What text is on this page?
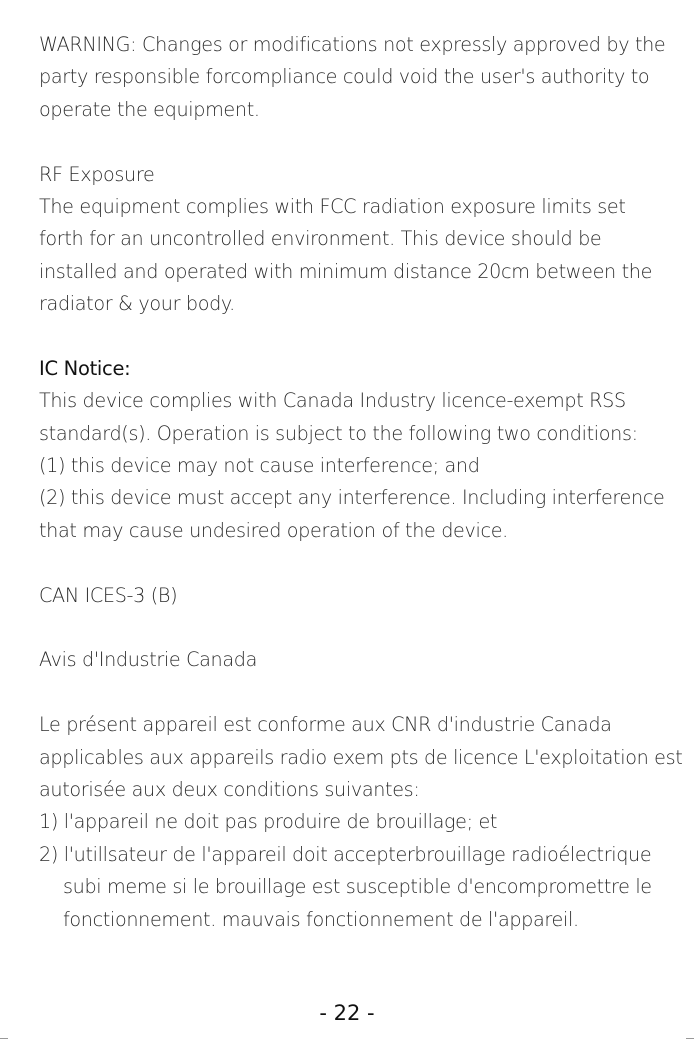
WARNING: Changes or modifications not expressly approved by the
party responsible forcompliance could void the user's authority to
operate the equipment.
RF Exposure
The equipment complies with FCC radiation exposure limits set
forth for an uncontrolled environment. This device should be
installed and operated with minimum distance 20cm between the
radiator & your body.
IC Notice:
This device complies with Canada Industry licence-exempt RSS
standard(s). Operation is subject to the following two conditions:
(1) this device may not cause interference; and
(2) this device must accept any interference. Including interference
that may cause undesired operation of the device.
CAN ICES-3 (B)
Avis d'Industrie Canada
Le présent appareil est conforme aux CNR d'industrie Canada
applicables aux appareils radio exem pts de licence L'exploitation est
autorisée aux deux conditions suivantes:
1) l'appareil ne doit pas produire de brouillage; et
2) l'utillsateur de l'appareil doit accepterbrouillage radioélectrique
subi meme si le brouillage est susceptible d'encompromettre le
fonctionnement. mauvais fonctionnement de l'appareil.
- 22 -
